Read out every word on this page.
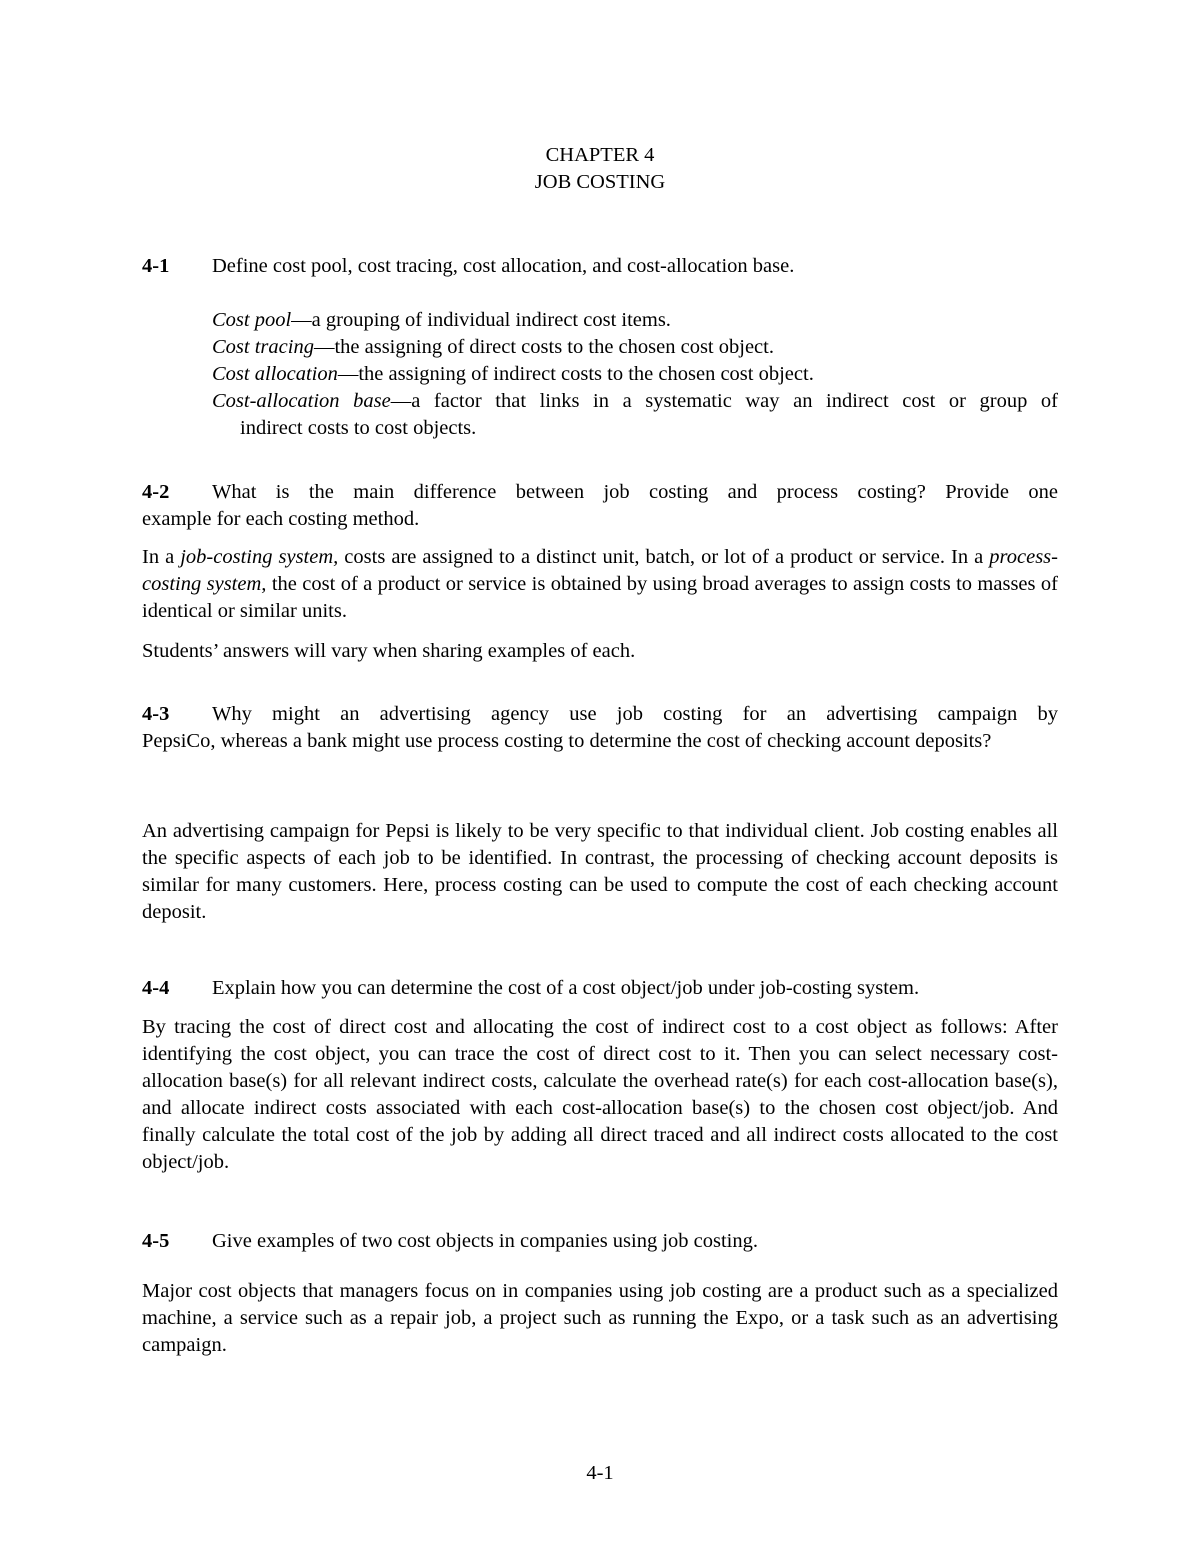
CHAPTER 4
JOB COSTING
4-1 Define cost pool, cost tracing, cost allocation, and cost-allocation base.
Cost pool—a grouping of individual indirect cost items.
Cost tracing—the assigning of direct costs to the chosen cost object.
Cost allocation—the assigning of indirect costs to the chosen cost object.
Cost-allocation base—a factor that links in a systematic way an indirect cost or group of
indirect costs to cost objects.
4-2 What is the main difference between job costing and process costing? Provide one
example for each costing method.
In a job-costing system, costs are assigned to a distinct unit, batch, or lot of a product or service. In a process-costing system, the cost of a product or service is obtained by using broad averages to assign costs to masses of identical or similar units.
Students’ answers will vary when sharing examples of each.
4-3 Why might an advertising agency use job costing for an advertising campaign by
PepsiCo, whereas a bank might use process costing to determine the cost of checking account deposits?
An advertising campaign for Pepsi is likely to be very specific to that individual client. Job costing enables all the specific aspects of each job to be identified. In contrast, the processing of checking account deposits is similar for many customers. Here, process costing can be used to compute the cost of each checking account deposit.
4-4 Explain how you can determine the cost of a cost object/job under job-costing system.
By tracing the cost of direct cost and allocating the cost of indirect cost to a cost object as follows: After identifying the cost object, you can trace the cost of direct cost to it. Then you can select necessary cost-allocation base(s) for all relevant indirect costs, calculate the overhead rate(s) for each cost-allocation base(s), and allocate indirect costs associated with each cost-allocation base(s) to the chosen cost object/job. And finally calculate the total cost of the job by adding all direct traced and all indirect costs allocated to the cost object/job.
4-5 Give examples of two cost objects in companies using job costing.
Major cost objects that managers focus on in companies using job costing are a product such as a specialized machine, a service such as a repair job, a project such as running the Expo, or a task such as an advertising campaign.
4-1
